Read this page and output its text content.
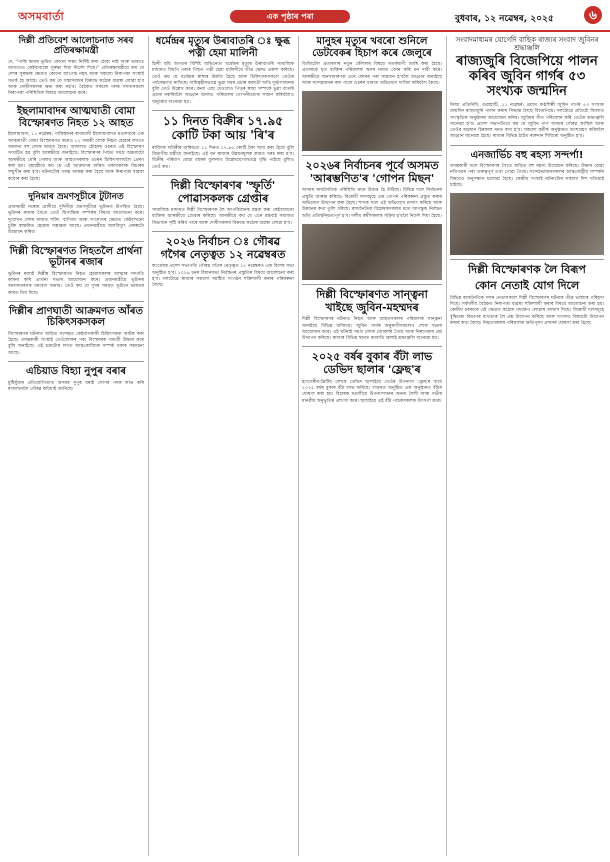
অসমবাৰ্তা	এক পৃষ্ঠাৰ পৰা	বুধবাৰ, ১২ নৱেম্বৰ, ২০২৫	৬
দিল্লী প্ৰতিবেশ আলোচনাত সৰব প্ৰতিৰক্ষামন্ত্ৰী

দে, "পাকি স্তানৰ ভূমিত কোনো লক্ষ্য নিৰ্দিষ্ট কৰা হোৱা নাই আৰু ভাৰতে আগতেও কেইবাবাৰো সুৰক্ষা দিয়া নিৰ্দেশ দিছে।" প্ৰতিৰক্ষামন্ত্ৰীয়ে কয় যে দেশৰ সুৰক্ষাৰ ক্ষেত্ৰত কোনো আপোচ নহয় আৰু সকলো নিৰাপত্তা সংস্থাই সতৰ্ক হৈ আছে। তেওঁ কয় যে সন্ত্ৰাসবাদৰ বিৰুদ্ধে কঠোৰ ব্যৱস্থা লোৱা হ'ব আৰু দোষীসকলক ক্ষমা কৰা নহ'ব। বৈঠকত সকলো দলৰ সদস্যসকলে নিৰাপত্তা পৰিস্থিতিৰ বিষয়ে আলোচনা কৰে।

ইছলামাবাদৰ আত্মঘাতী বোমা বিস্ফোৰণত নিহত ১২ আহত

ইছলামাবাদ, ১১ নৱেম্বৰ: পাকিস্তানৰ ৰাজধানী ইছলামাবাদত মঙলবাৰে এক আত্মঘাতী বোমা বিস্ফোৰণত কমেও ১২ গৰাকী লোক নিহত হোৱাৰ লগতে অন্যান্য বহু লোক আহত হৈছে। আদালত চৌহদৰ ওচৰত এই বিস্ফোৰণ সংঘটিত হয় বুলি আৰক্ষীয়ে জনাইছে। বিস্ফোৰণৰ পিছত সমগ্ৰ অঞ্চলটো আৰক্ষীয়ে ঘেৰি পেলায় আৰু আহতসকলক ওচৰৰ চিকিৎসালয়লৈ প্ৰেৰণ কৰা হয়। গৃহমন্ত্ৰীয়ে কয় যে এই আক্ৰমণৰ আঁৰত থকাসকলক বিচাৰৰ সন্মুখীন কৰা হ'ব। ঘটনাটোৰ তদন্ত আৰম্ভ কৰা হৈছে আৰু নিৰাপত্তা ব্যৱস্থা কঠোৰ কৰা হৈছে।

দুনিয়াৰ ভ্ৰমণসূচীৰে টুটানত

প্ৰধানমন্ত্ৰী নৰেন্দ্ৰ মোদীয়ে দুদিনীয়া ভ্ৰমণসূচীৰে ভূটানত উপস্থিত হৈছে। ভূটানৰ ৰজাৰ সৈতে তেওঁ দ্বিপাক্ষিক সম্পৰ্কৰ বিষয়ে আলোচনা কৰে। দুয়োখন দেশৰ মাজত শক্তি, বাণিজ্য আৰু সংযোগৰ ক্ষেত্ৰত কেইবাখনো চুক্তি স্বাক্ষৰিত হোৱাৰ সম্ভাৱনা আছে। প্ৰধানমন্ত্ৰীয়ে জলবিদ্যুৎ প্ৰকল্পটো উদ্বোধন কৰিব।

দিল্লী বিস্ফোৰণত নিহতলৈ প্ৰাৰ্থনা ভূটানৰ ৰজাৰ

ভূটানৰ ৰজাই দিল্লীৰ বিস্ফোৰণত নিহত হোৱাসকলৰ আত্মাৰ সদগতি কামনা কৰি প্ৰাৰ্থনা সভাৰ আয়োজন কৰে। প্ৰধানমন্ত্ৰীয়ে ভূটানৰ জনসাধাৰণক ধন্যবাদ জনায়। তেওঁ কয় যে দুখৰ সময়ত ভূটানে ভাৰতৰ কাষত থিয় দিছে।

দিল্লীৰ প্ৰাণঘাতী আক্ৰমণত আঁৰত চিকিৎসকসকল

বিস্ফোৰণৰ ঘটনাত জড়িত সন্দেহত কেইবাগৰাকী চিকিৎসকক আটক কৰা হৈছে। তদন্তকাৰী সংস্থাই তেওঁলোকৰ পৰা বিস্ফোৰক সামগ্ৰী উদ্ধাৰ কৰে বুলি জনাইছে। এই চক্ৰটোৰ লগত আন্তঃৰাজ্যিক সম্পৰ্ক থকাৰ সম্ভাৱনা আছে।

এচিয়াড বিহ্যা নুপুৰ বৰাৰ

মুষ্টিযুঁজৰ প্ৰতিযোগিতাত অসমৰ নুপুৰ বৰাই সোণৰ পদক লাভ কৰি ৰাজ্যখনলৈ গৌৰৱ কঢ়িয়াই আনিছে।

ধৰ্মেন্দ্ৰৰ মৃত্যুৰ উৰাবাতৰি ঃ ক্ষুব্ধ পত্নী হেমা মালিনী

হিন্দী ছবি জগতৰ বিশিষ্ট অভিনেতা ধৰ্মেন্দ্ৰৰ মৃত্যুৰ উৰাবাতৰি সামাজিক মাধ্যমত বিয়পি পৰাৰ পিছত পত্নী হেমা মালিনীয়ে তীব্ৰ ক্ষোভ প্ৰকাশ কৰিছে। তেওঁ কয় যে ধৰ্মেন্দ্ৰৰ স্বাস্থ্যৰ উন্নতি হৈছে আৰু চিকিৎসকসকলে তেওঁক পৰ্যবেক্ষণত ৰাখিছে। দায়িত্বহীনভাৱে ভুৱা খবৰ প্ৰচাৰ কৰাটো অতি দুৰ্ভাগ্যজনক বুলি তেওঁ উল্লেখ কৰে। কন্যা এছা দেওলেও পিতৃৰ স্বাস্থ্য সম্পৰ্কে ভুৱা বাতৰি প্ৰচাৰ নকৰিবলৈ আহ্বান জনায়। পৰিয়ালৰ গোপনীয়তাক সন্মান কৰিবলৈও অনুৰোধ জনোৱা হয়।

১১ দিনত বিক্ৰীৰ ১৭.৯৫ কোটি টকা আয় 'ৰি'ৰ

ৰাজ্যিক লটাৰীৰ জৰিয়তে ১১ দিনত ১৭.৯৫ কোটি টকা আয় কৰা হৈছে বুলি বিভাগীয় মন্ত্ৰীয়ে জনাইছে। এই ধন ৰাজ্যৰ উন্নয়নমূলক কামত খৰচ কৰা হ'ব। বিক্ৰীৰ পৰিমাণ যোৱা বছৰৰ তুলনাত উল্লেখযোগ্যভাৱে বৃদ্ধি পাইছে বুলিও তেওঁ কয়।

দিল্লী বিস্ফোৰণৰ 'স্ফূৰ্তি' পোৱাসকলক গ্ৰেপ্তাৰ

সামাজিক মাধ্যমত দিল্লী বিস্ফোৰণক লৈ আপত্তিজনক মন্তব্য কৰা কেইবাজনো ব্যক্তিক আৰক্ষীয়ে গ্ৰেপ্তাৰ কৰিছে। আৰক্ষীয়ে কয় যে এনে মন্তব্যই সমাজত বিভাজন সৃষ্টি কৰিব পাৰে আৰু দোষীসকলৰ বিৰুদ্ধে কঠোৰ ব্যৱস্থা লোৱা হ'ব।

২০২৬ নিৰ্বাচন ঃ গৌৰৱ গগৈৰ নেতৃত্বত ১২ নৱেম্বৰত

কংগ্ৰেছৰ প্ৰদেশ সভাপতি গৌৰৱ গগৈৰ নেতৃত্বত ১২ নৱেম্বৰত এক বিশেষ সভা অনুষ্ঠিত হ'ব। ২০২৬ চনৰ বিধানসভা নিৰ্বাচনৰ প্ৰস্তুতিৰ বিষয়ে আলোচনা কৰা হ'ব। দলটোৱে ৰাজ্যৰ সকলো সমষ্টিত সংগঠন শক্তিশালী কৰাৰ পৰিকল্পনা লৈছে।

মানুহৰ মৃত্যুৰ খবৰো শুনিলে ডেটবেকৰ হিচাপ কৰে জেলুৰে

ডিজিটেল প্ৰতাৰণাৰ নতুন কৌশলৰ বিষয়ে সতৰ্কবাণী জাৰি কৰা হৈছে। প্ৰতাৰকে মৃত ব্যক্তিৰ পৰিয়ালক ঋণৰ নামত ফোন কৰি ধন দাবী কৰে। আৰক্ষীয়ে জনসাধাৰণক এনে ফোনৰ পৰা সাৱধান হ'বলৈ আহ্বান জনাইছে আৰু সন্দেহজনক কল পালে ওচৰৰ থানাত অভিযোগ দাখিল কৰিবলৈ কৈছে।

২০২৬ৰ নিৰ্বাচনৰ পূৰ্বে অসমত 'আৰম্ভণিত'ৰ 'গোপন মিছন'

অসমৰ ৰাজনৈতিক পৰিস্থিতি ক্ৰমে উত্তপ্ত হৈ উঠিছে। বিভিন্ন দলে নিৰ্বাচনৰ প্ৰস্তুতি আৰম্ভ কৰিছে। বিৰোধী দলসমূহে এক গোপন পৰিকল্পনা প্ৰস্তুত কৰাৰ অভিযোগ উত্থাপন কৰা হৈছে। শাসক দলে এই অভিযোগ নস্যাৎ কৰিছে আৰু উন্নয়নৰ কথা তুলি ধৰিছে। ৰাজনৈতিক বিশ্লেষকসকলৰ মতে আগন্তুক নিৰ্বাচন অতি প্ৰতিদ্বন্দ্বিতাপূৰ্ণ হ'ব। দলীয় কৰ্মীসকলক সক্ৰিয় হ'বলৈ নিৰ্দেশ দিয়া হৈছে।

দিল্লী বিস্ফোৰণত সান্ত্বনা খাইছে জুবিন-মহম্মদৰ

দিল্লী বিস্ফোৰণৰ ঘটনাত নিহত আৰু আহতসকলৰ পৰিয়ালক সান্ত্বনা জনাইছে বিভিন্ন ব্যক্তিয়ে। জুবিন গাৰ্গৰ অনুৰাগীসকলেও শোক সভাৰ আয়োজন কৰে। এই ঘটনাই সমগ্ৰ দেশক জোকাৰি গৈছে আৰু নিৰাপত্তাৰ প্ৰশ্ন উত্থাপন কৰিছে। ৰাজ্যৰ বিভিন্ন স্থানত মমবাতি জ্বলাই শ্ৰদ্ধাঞ্জলি জনোৱা হয়।

২০২৫ বৰ্ষৰ বুকাৰ বঁটা লাভ ডেভিদ ছালাৰ 'ফ্লেছ'ৰ

হাংগেৰীয়-ব্ৰিটিছ লেখক ডেভিদ ছালাইয়ে তেওঁৰ উপন্যাস 'ফ্লেছ'ৰ বাবে ২০২৫ বৰ্ষৰ বুকাৰ বঁটা লাভ কৰিছে। লণ্ডনত অনুষ্ঠিত এক অনুষ্ঠানত বঁটাৰ ঘোষণা কৰা হয়। বিচাৰক মণ্ডলীয়ে উপন্যাসখনৰ অনন্য শৈলী আৰু গভীৰ মানৱীয় অনুভূতিৰ প্ৰশংসা কৰে। ছালাইয়ে এই বঁটা পাঠকসকলক উৎসৰ্গা কৰে।

সংবাদমাধ্যমৰ যোগেদি বাছিক ৰাজ্যৰ সংবাদ জুবিনৰ শ্ৰদ্ধাঞ্জলি
ৰাজ্যজুৰি বিজেপিয়ে পালন কৰিব জুবিন গাৰ্গৰ ৫৩ সংখ্যক জন্মদিন

নিজা প্ৰতিনিধি, গুৱাহাটি, ১১ নৱেম্বৰ: প্ৰয়াত কণ্ঠশিল্পী জুবিন গাৰ্গৰ ৫৩ সংখ্যক জন্মদিন ৰাজ্যজুৰি পালন কৰাৰ সিদ্ধান্ত লৈছে বিজেপিয়ে। দলটোৱে প্ৰতিটো জিলাত সাংস্কৃতিক অনুষ্ঠানৰ আয়োজন কৰিব। জুবিনৰ গীত পৰিবেশন কৰি তেওঁক শ্ৰদ্ধাঞ্জলি জনোৱা হ'ব। প্ৰদেশ সভাপতিয়ে কয় যে জুবিন গাৰ্গ অসমৰ গৌৰৱ আছিল আৰু তেওঁৰ অৱদান চিৰকাল মনত ৰখা হ'ব। সকলো কৰ্মীক অনুষ্ঠানত অংশগ্ৰহণ কৰিবলৈ আহ্বান জনোৱা হৈছে। ৰাজ্যৰ বিভিন্ন ঠাইত ৰক্তদান শিবিৰো অনুষ্ঠিত হ'ব।

এনজাৰ্ভিচ বহু ৰহস্য সন্দৰ্পা!

তদন্তকাৰী দলে বিস্ফোৰণৰ সৈতে জড়িত বহু ৰহস্য উন্মোচন কৰিছে। উদ্ধাৰ হোৱা নথিপত্ৰৰ পৰা গুৰুত্বপূৰ্ণ তথ্য পোৱা গৈছে। সন্দেহভাজনসকলৰ আন্তঃৰাষ্ট্ৰীয় সম্পৰ্কৰ বিষয়েও অনুসন্ধান চলোৱা হৈছে। কেন্দ্ৰীয় সংস্থাই ঘটনাটোৰ সকলো দিশ খতিয়াই চাইছে।

দিল্লী বিস্ফোৰণক লৈ বিৰূপ
কোন নেতাই যোগ দিলে

বিভিন্ন ৰাজনৈতিক দলৰ নেতাসকলে দিল্লী বিস্ফোৰণৰ ঘটনাক তীব্ৰ ভাষাৰে গৰিহণা দিছে। সৰ্বদলীয় বৈঠকত নিৰাপত্তা ব্যৱস্থা শক্তিশালী কৰাৰ বিষয়ে আলোচনা কৰা হয়। কেন্দ্ৰীয় চৰকাৰে এই ক্ষেত্ৰত কঠোৰ পদক্ষেপ লোৱাৰ আশ্বাস দিছে। বিৰোধী দলসমূহে বুদ্ধিমত্তা বিভাগৰ ব্যৰ্থতাক লৈ প্ৰশ্ন উত্থাপন কৰিছে আৰু সংসদত বিষয়টো উত্থাপন কৰাৰ কথা কৈছে। নিহতসকলৰ পৰিয়ালক ক্ষতিপূৰণ প্ৰদানৰ ঘোষণা কৰা হৈছে।
